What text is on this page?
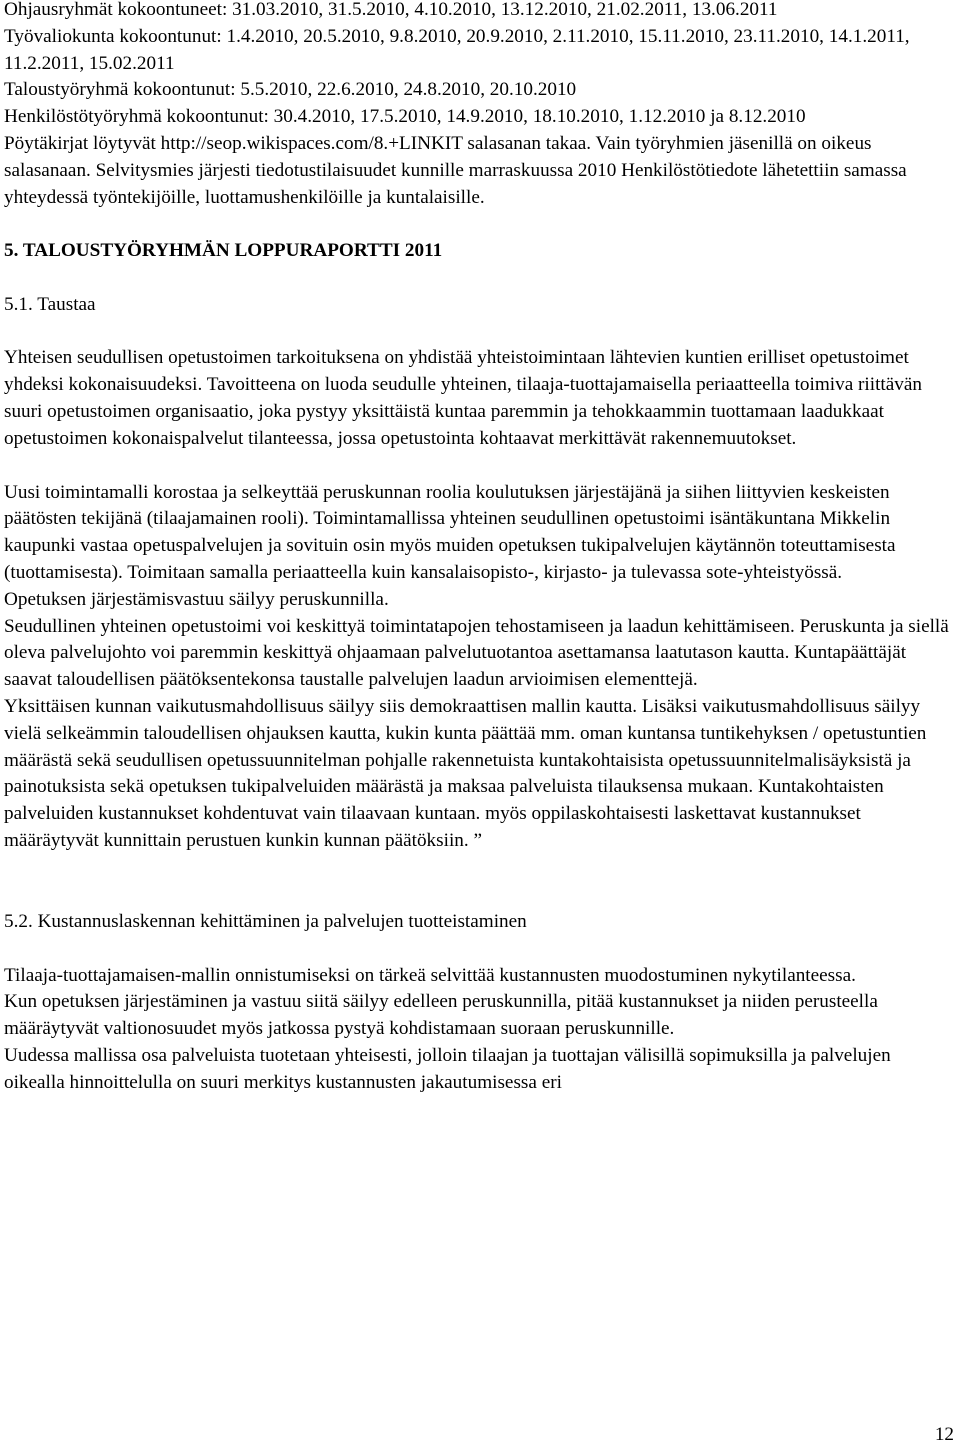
Ohjausryhmät kokoontuneet: 31.03.2010, 31.5.2010, 4.10.2010, 13.12.2010, 21.02.2011, 13.06.2011

Työvaliokunta kokoontunut: 1.4.2010, 20.5.2010, 9.8.2010, 20.9.2010, 2.11.2010, 15.11.2010, 23.11.2010, 14.1.2011, 11.2.2011, 15.02.2011

Taloustyöryhmä kokoontunut: 5.5.2010, 22.6.2010, 24.8.2010, 20.10.2010

Henkilöstötyöryhmä kokoontunut: 30.4.2010, 17.5.2010, 14.9.2010, 18.10.2010, 1.12.2010 ja 8.12.2010

Pöytäkirjat löytyvät http://seop.wikispaces.com/8.+LINKIT salasanan takaa. Vain työryhmien jäsenillä on oikeus salasanaan. Selvitysmies järjesti tiedotustilaisuudet kunnille marraskuussa 2010 Henkilöstötiedote lähetettiin samassa yhteydessä työntekijöille, luottamushenkilöille ja kuntalaisille.

5. TALOUSTYÖRYHMÄN LOPPURAPORTTI 2011

5.1. Taustaa

Yhteisen seudullisen opetustoimen tarkoituksena on yhdistää yhteistoimintaan lähtevien kuntien erilliset opetustoimet yhdeksi kokonaisuudeksi. Tavoitteena on luoda seudulle yhteinen, tilaaja-tuottajamaisella periaatteella toimiva riittävän suuri opetustoimen organisaatio, joka pystyy yksittäistä kuntaa paremmin ja tehokkaammin tuottamaan laadukkaat opetustoimen kokonaispalvelut tilanteessa, jossa opetustointa kohtaavat merkittävät rakennemuutokset.

Uusi toimintamalli korostaa ja selkeyttää peruskunnan roolia koulutuksen järjestäjänä ja siihen liittyvien keskeisten päätösten tekijänä (tilaajamainen rooli). Toimintamallissa yhteinen seudullinen opetustoimi isäntäkuntana Mikkelin kaupunki vastaa opetuspalvelujen ja sovituin osin myös muiden opetuksen tukipalvelujen käytännön toteuttamisesta (tuottamisesta). Toimitaan samalla periaatteella kuin kansalaisopisto-, kirjasto- ja tulevassa sote-yhteistyössä.

Opetuksen järjestämisvastuu säilyy peruskunnilla.

Seudullinen yhteinen opetustoimi voi keskittyä toimintatapojen tehostamiseen ja laadun kehittämiseen. Peruskunta ja siellä oleva palvelujohto voi paremmin keskittyä ohjaamaan palvelutuotantoa asettamansa laatutason kautta. Kuntapäättäjät saavat taloudellisen päätöksentekonsa taustalle palvelujen laadun arvioimisen elementtejä.

Yksittäisen kunnan vaikutusmahdollisuus säilyy siis demokraattisen mallin kautta. Lisäksi vaikutusmahdollisuus säilyy vielä selkeämmin taloudellisen ohjauksen kautta, kukin kunta päättää mm. oman kuntansa tuntikehyksen / opetustuntien määrästä sekä seudullisen opetussuunnitelman pohjalle rakennetuista kuntakohtaisista opetussuunnitelmalisäyksistä ja painotuksista sekä opetuksen tukipalveluiden määrästä ja maksaa palveluista tilauksensa mukaan. Kuntakohtaisten palveluiden kustannukset kohdentuvat vain tilaavaan kuntaan. myös oppilaskohtaisesti laskettavat kustannukset määräytyvät kunnittain perustuen kunkin kunnan päätöksiin. ”

5.2. Kustannuslaskennan kehittäminen ja palvelujen tuotteistaminen

Tilaaja-tuottajamaisen-mallin onnistumiseksi on tärkeä selvittää kustannusten muodostuminen nykytilanteessa.

Kun opetuksen järjestäminen ja vastuu siitä säilyy edelleen peruskunnilla, pitää kustannukset ja niiden perusteella määräytyvät valtionosuudet myös jatkossa pystyä kohdistamaan suoraan peruskunnille.

Uudessa mallissa osa palveluista tuotetaan yhteisesti, jolloin tilaajan ja tuottajan välisillä sopimuksilla ja palvelujen oikealla hinnoittelulla on suuri merkitys kustannusten jakautumisessa eri

12
